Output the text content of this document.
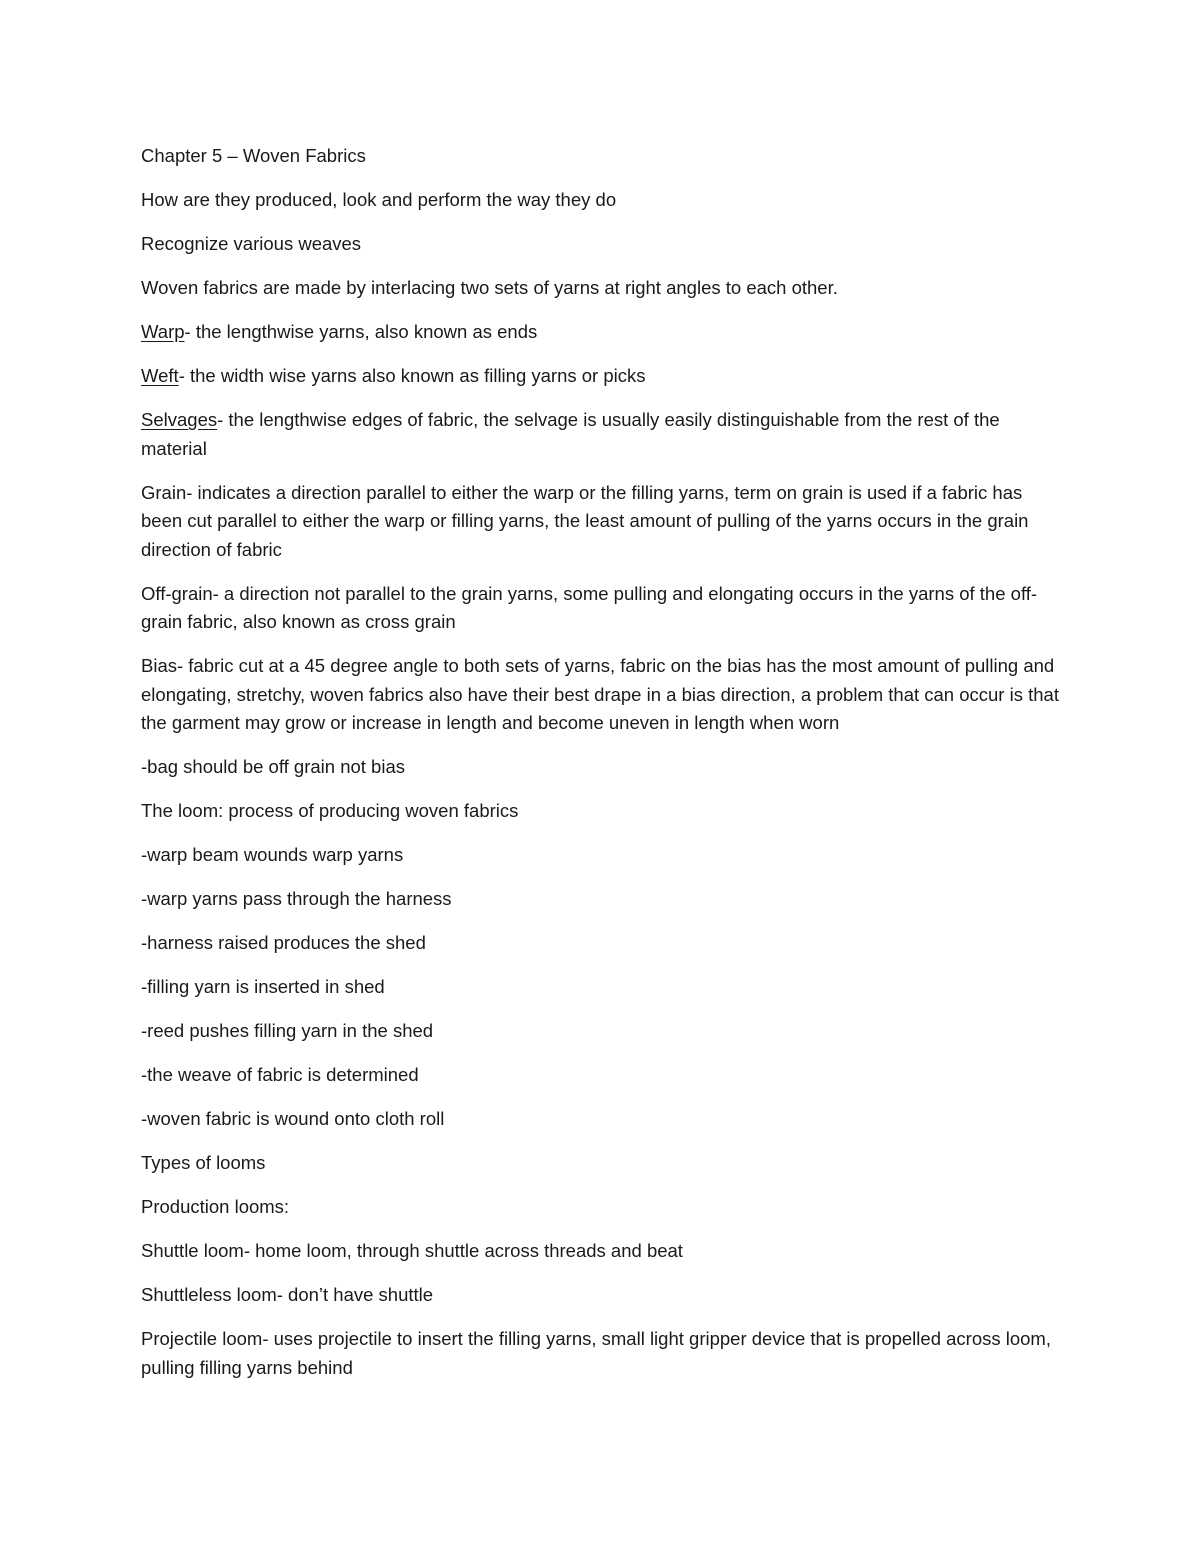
Chapter 5 – Woven Fabrics

How are they produced, look and perform the way they do

Recognize various weaves

Woven fabrics are made by interlacing two sets of yarns at right angles to each other.

Warp- the lengthwise yarns, also known as ends

Weft- the width wise yarns also known as filling yarns or picks

Selvages- the lengthwise edges of fabric, the selvage is usually easily distinguishable from the rest of the material

Grain- indicates a direction parallel to either the warp or the filling yarns, term on grain is used if a fabric has been cut parallel to either the warp or filling yarns, the least amount of pulling of the yarns occurs in the grain direction of fabric

Off-grain- a direction not parallel to the grain yarns, some pulling and elongating occurs in the yarns of the off-grain fabric, also known as cross grain

Bias- fabric cut at a 45 degree angle to both sets of yarns, fabric on the bias has the most amount of pulling and elongating, stretchy, woven fabrics also have their best drape in a bias direction, a problem that can occur is that the garment may grow or increase in length and become uneven in length when worn

-bag should be off grain not bias

The loom: process of producing woven fabrics

-warp beam wounds warp yarns

-warp yarns pass through the harness

-harness raised produces the shed

-filling yarn is inserted in shed

-reed pushes filling yarn in the shed

-the weave of fabric is determined

-woven fabric is wound onto cloth roll

Types of looms

Production looms:

Shuttle loom- home loom, through shuttle across threads and beat

Shuttleless loom- don’t have shuttle

Projectile loom- uses projectile to insert the filling yarns, small light gripper device that is propelled across loom, pulling filling yarns behind
